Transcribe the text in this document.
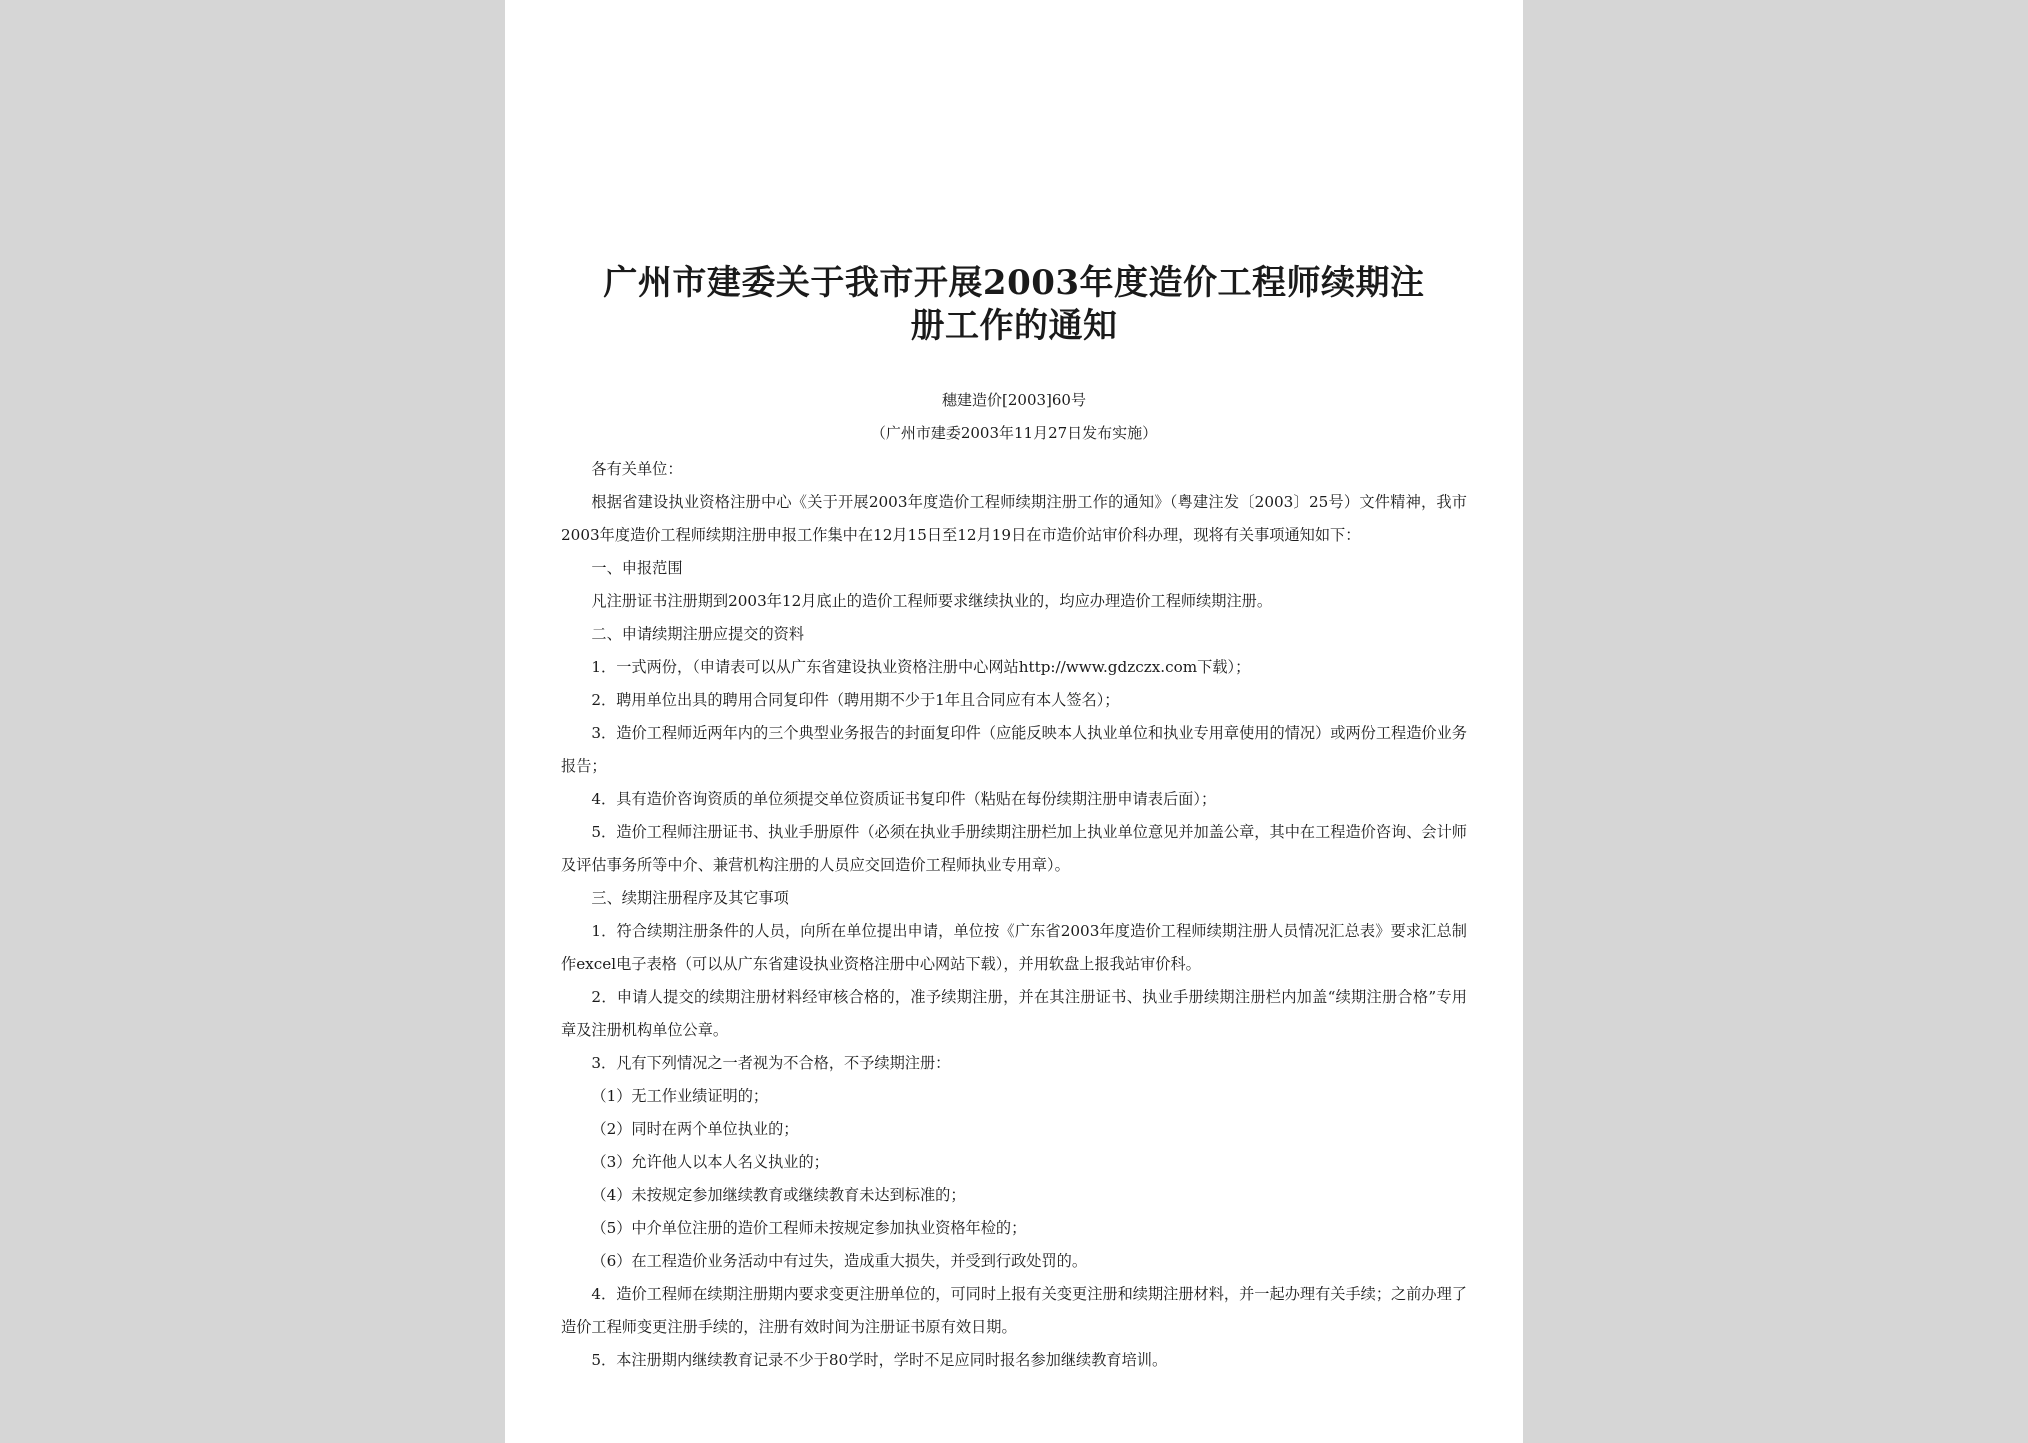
广州市建委关于我市开展2003年度造价工程师续期注
册工作的通知
穗建造价[2003]60号
（广州市建委2003年11月27日发布实施）

各有关单位：

根据省建设执业资格注册中心《关于开展2003年度造价工程师续期注册工作的通知》（粤建注发〔2003〕25号）文件精神，我市2003年度造价工程师续期注册申报工作集中在12月15日至12月19日在市造价站审价科办理，现将有关事项通知如下：

一、申报范围

凡注册证书注册期到2003年12月底止的造价工程师要求继续执业的，均应办理造价工程师续期注册。

二、申请续期注册应提交的资料

1．一式两份，（申请表可以从广东省建设执业资格注册中心网站http://www.gdzczx.com下载）；

2．聘用单位出具的聘用合同复印件（聘用期不少于1年且合同应有本人签名）；

3．造价工程师近两年内的三个典型业务报告的封面复印件（应能反映本人执业单位和执业专用章使用的情况）或两份工程造价业务报告；

4．具有造价咨询资质的单位须提交单位资质证书复印件（粘贴在每份续期注册申请表后面）；

5．造价工程师注册证书、执业手册原件（必须在执业手册续期注册栏加上执业单位意见并加盖公章，其中在工程造价咨询、会计师及评估事务所等中介、兼营机构注册的人员应交回造价工程师执业专用章）。

三、续期注册程序及其它事项

1．符合续期注册条件的人员，向所在单位提出申请，单位按《广东省2003年度造价工程师续期注册人员情况汇总表》要求汇总制作excel电子表格（可以从广东省建设执业资格注册中心网站下载），并用软盘上报我站审价科。

2．申请人提交的续期注册材料经审核合格的，准予续期注册，并在其注册证书、执业手册续期注册栏内加盖“续期注册合格”专用章及注册机构单位公章。

3．凡有下列情况之一者视为不合格，不予续期注册：

（1）无工作业绩证明的；

（2）同时在两个单位执业的；

（3）允许他人以本人名义执业的；

（4）未按规定参加继续教育或继续教育未达到标准的；

（5）中介单位注册的造价工程师未按规定参加执业资格年检的；

（6）在工程造价业务活动中有过失，造成重大损失，并受到行政处罚的。

4．造价工程师在续期注册期内要求变更注册单位的，可同时上报有关变更注册和续期注册材料，并一起办理有关手续；之前办理了造价工程师变更注册手续的，注册有效时间为注册证书原有效日期。

5．本注册期内继续教育记录不少于80学时，学时不足应同时报名参加继续教育培训。
